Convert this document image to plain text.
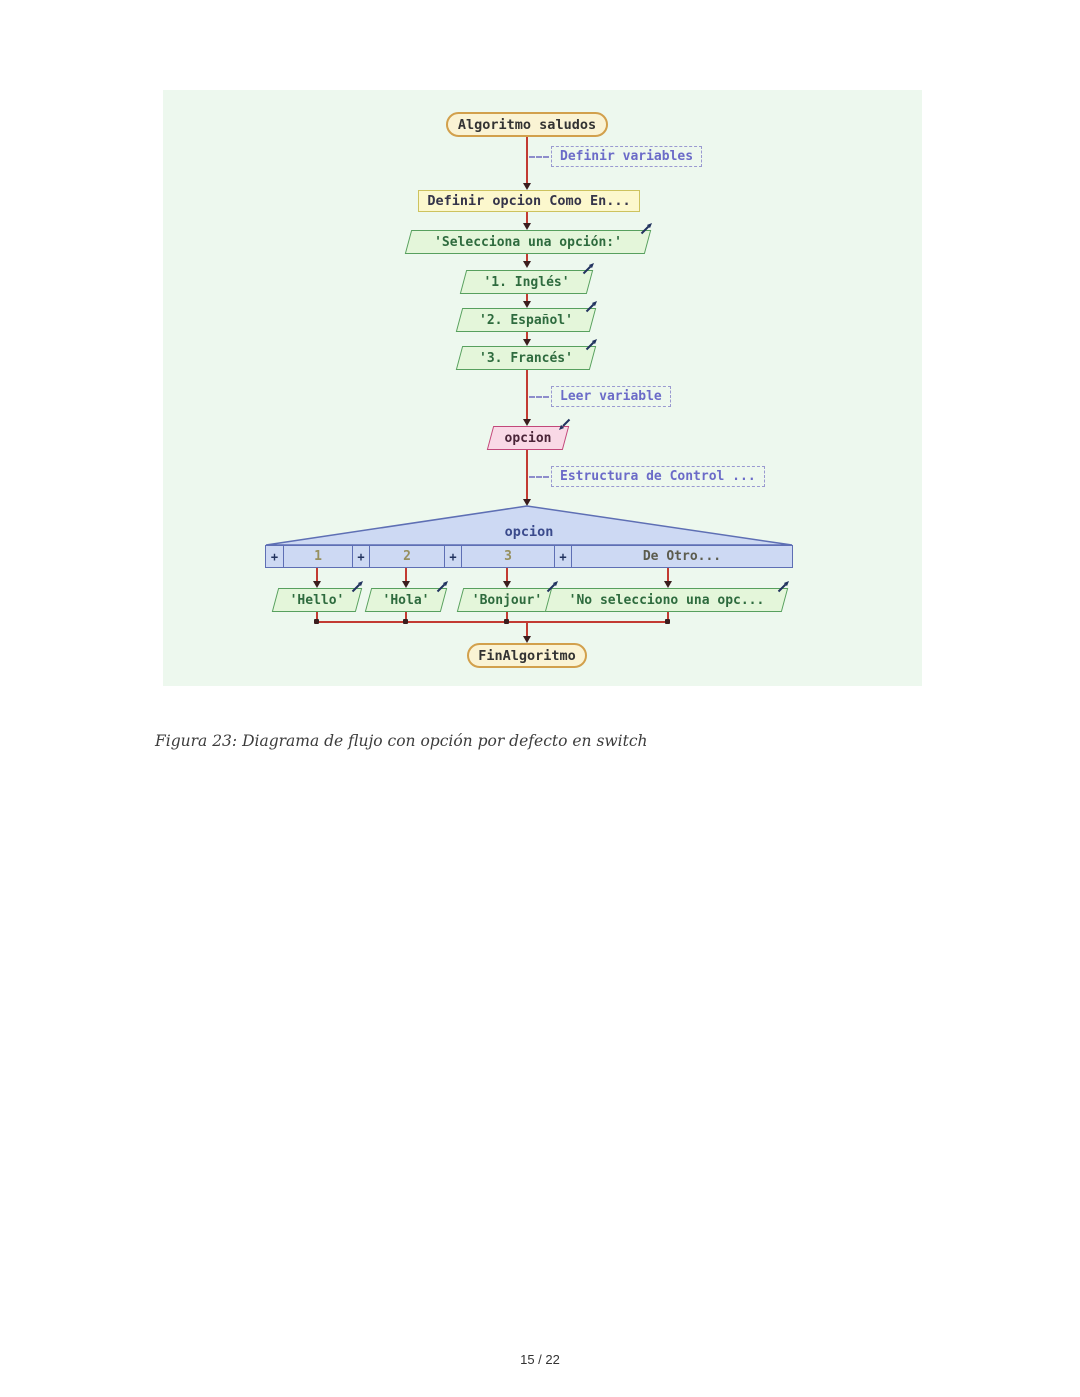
Algoritmo saludos
Definir variables
Definir opcion Como En...
'Selecciona una opción:'
'1. Inglés'
'2. Español'
'3. Francés'
Leer variable
opcion
Estructura de Control ...
opcion
+	1	+	2	+	3	+	De Otro...
'Hello'	'Hola'	'Bonjour' 'No selecciono una opc...
FinAlgoritmo
Figura 23: Diagrama de flujo con opción por defecto en switch
15 / 22
